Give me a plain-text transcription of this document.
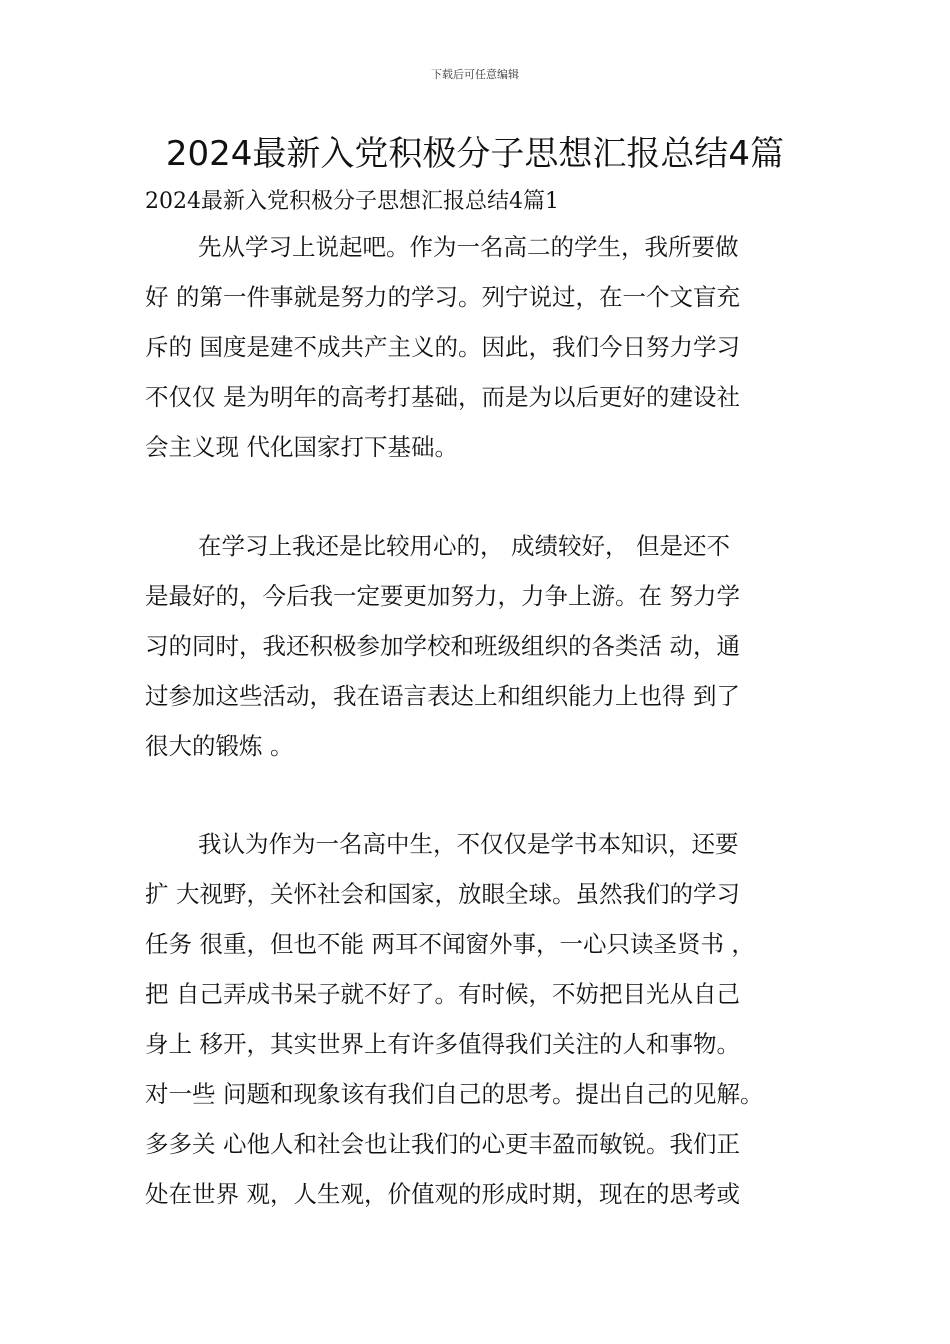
下载后可任意编辑
2024最新入党积极分子思想汇报总结4篇
2024最新入党积极分子思想汇报总结4篇1
先从学习上说起吧。作为一名高二的学生，我所要做
好 的第一件事就是努力的学习。列宁说过，在一个文盲充
斥的 国度是建不成共产主义的。因此，我们今日努力学习
不仅仅 是为明年的高考打基础，而是为以后更好的建设社
会主义现 代化国家打下基础。
在学习上我还是比较用心的， 成绩较好， 但是还不
是最好的，今后我一定要更加努力，力争上游。在 努力学
习的同时，我还积极参加学校和班级组织的各类活 动，通
过参加这些活动，我在语言表达上和组织能力上也得 到了
很大的锻炼 。
我认为作为一名高中生，不仅仅是学书本知识，还要
扩 大视野，关怀社会和国家，放眼全球。虽然我们的学习
任务 很重，但也不能 两耳不闻窗外事，一心只读圣贤书 ，
把 自己弄成书呆子就不好了。有时候，不妨把目光从自己
身上 移开，其实世界上有许多值得我们关注的人和事物。
对一些 问题和现象该有我们自己的思考。提出自己的见解。
多多关 心他人和社会也让我们的心更丰盈而敏锐。我们正
处在世界 观，人生观，价值观的形成时期，现在的思考或
